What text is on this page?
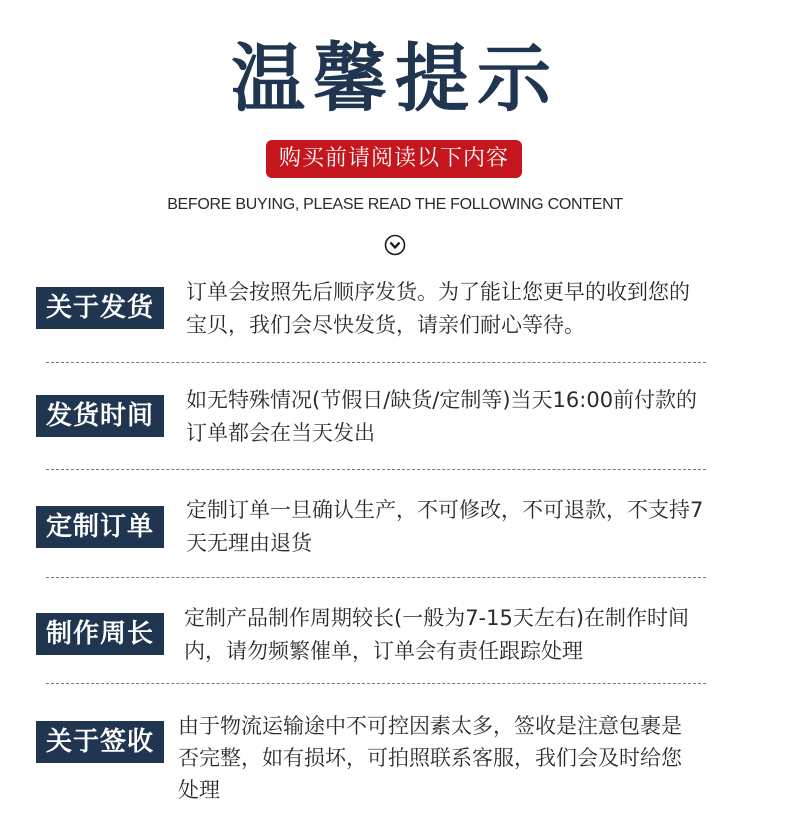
温馨提示
购买前请阅读以下内容
BEFORE BUYING, PLEASE READ THE FOLLOWING CONTENT
关于发货
订单会按照先后顺序发货。为了能让您更早的收到您的
宝贝，我们会尽快发货，请亲们耐心等待。
发货时间
如无特殊情况(节假日/缺货/定制等)当天16:00前付款的
订单都会在当天发出
定制订单
定制订单一旦确认生产，不可修改，不可退款，不支持7
天无理由退货
制作周长
定制产品制作周期较长(一般为7-15天左右)在制作时间
内，请勿频繁催单，订单会有责任跟踪处理
关于签收
由于物流运输途中不可控因素太多，签收是注意包裹是
否完整，如有损坏，可拍照联系客服，我们会及时给您
处理
